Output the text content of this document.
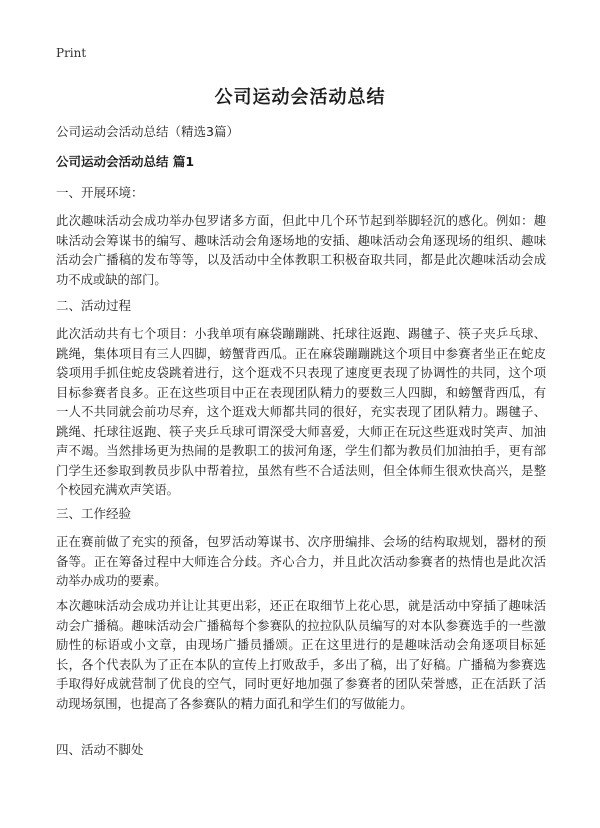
Print
公司运动会活动总结

公司运动会活动总结（精选3篇）

公司运动会活动总结 篇1

一、开展环境：

此次趣味活动会成功举办包罗诸多方面，但此中几个环节起到举脚轻沉的感化。例如：趣味活动会筹谋书的编写、趣味活动会角逐场地的安插、趣味活动会角逐现场的组织、趣味活动会广播稿的发布等等，以及活动中全体教职工积极奋取共同，都是此次趣味活动会成功不成或缺的部门。

二、活动过程

此次活动共有七个项目：小我单项有麻袋蹦蹦跳、托球往返跑、踢毽子、筷子夹乒乓球、跳绳，集体项目有三人四脚，螃蟹背西瓜。正在麻袋蹦蹦跳这个项目中参赛者坐正在蛇皮袋项用手抓住蛇皮袋跳着进行，这个逛戏不只表现了速度更表现了协调性的共同，这个项目标参赛者良多。正在这些项目中正在表现团队精力的要数三人四脚，和螃蟹背西瓜，有一人不共同就会前功尽弃，这个逛戏大师都共同的很好，充实表现了团队精力。踢毽子、跳绳、托球往返跑、筷子夹乒乓球可谓深受大师喜爱，大师正在玩这些逛戏时笑声、加油声不竭。当然排场更为热闹的是教职工的拔河角逐，学生们都为教员们加油拍手，更有部门学生还参取到教员步队中帮着拉，虽然有些不合适法则，但全体师生很欢快高兴，是整个校园充满欢声笑语。

三、工作经验

正在赛前做了充实的预备，包罗活动筹谋书、次序册编排、会场的结构取规划，器材的预备等。正在筹备过程中大师连合分歧。齐心合力，并且此次活动参赛者的热情也是此次活动举办成功的要素。

本次趣味活动会成功并让让其更出彩，还正在取细节上花心思，就是活动中穿插了趣味活动会广播稿。趣味活动会广播稿每个参赛队的拉拉队队员编写的对本队参赛选手的一些激励性的标语或小文章，由现场广播员播颂。正在这里进行的是趣味活动会角逐项目标延长，各个代表队为了正在本队的宣传上打败敌手，多出了稿，出了好稿。广播稿为参赛选手取得好成就营制了优良的空气，同时更好地加强了参赛者的团队荣誉感，正在活跃了活动现场氛围，也提高了各参赛队的精力面孔和学生们的写做能力。

四、活动不脚处
